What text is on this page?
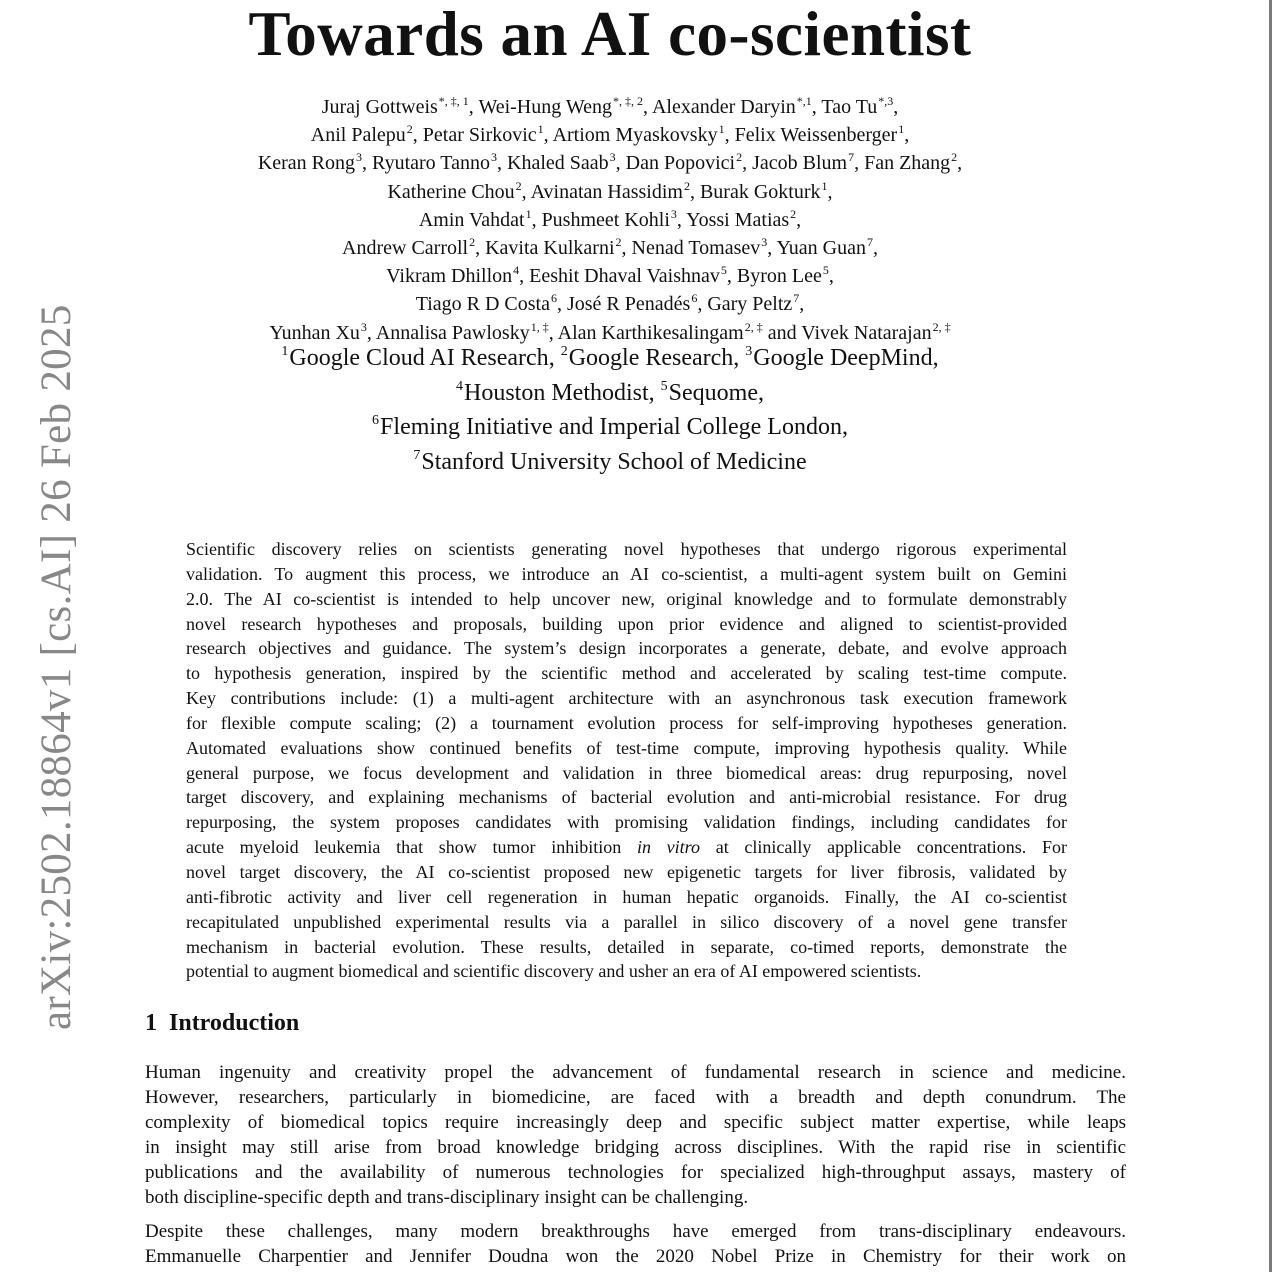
arXiv:2502.18864v1 [cs.AI] 26 Feb 2025
Towards an AI co-scientist
Juraj Gottweis$^{*, \ddagger, 1}$, Wei-Hung Weng$^{*, \ddagger, 2}$, Alexander Daryin$^{*,1}$, Tao $Tu^{*,3}$,
Anil Palepu$^2$, Petar Sirkovic$^1$, Artiom Myaskovsky$^1$, Felix Weissenberger$^1$,
Keran Rong$^3$, Ryutaro Tanno$^3$, Khaled Saab$^3$, Dan Popovici$^2$, Jacob Blum$^7$, Fan Zhang$^2$,
Katherine Chou$^2$, Avinatan Hassidim$^2$, Burak Gokturk$^1$,
Amin Vahdat$^1$, Pushmeet Kohli$^3$, Yossi Matias$^2$,
Andrew Carroll$^2$, Kavita Kulkarni$^2$, Nenad Tomasev$^3$, Yuan Guan$^7$,
Vikram Dhillon$^4$, Eeshit Dhaval Vaishnav$^5$, Byron Lee$^5$,
Tiago R D Costa$^6$, José R Penadés$^6$, Gary Peltz$^7$,
Yunhan Xu$^3$, Annalisa Pawlosky$^{1, \ddagger}$, Alan Karthikesalingam$^{2, \ddagger}$ and Vivek Natarajan$^{2, \ddagger}$
$^1$Google Cloud AI Research, $^2$Google Research, $^3$Google DeepMind,
$^4$Houston Methodist, $^5$Sequome,
$^6$Fleming Initiative and Imperial College London,
$^7$Stanford University School of Medicine
Scientific discovery relies on scientists generating novel hypotheses that undergo rigorous experimental
validation. To augment this process, we introduce an AI co-scientist, a multi-agent system built on Gemini
2.0. The AI co-scientist is intended to help uncover new, original knowledge and to formulate demonstrably
novel research hypotheses and proposals, building upon prior evidence and aligned to scientist-provided
research objectives and guidance. The system’s design incorporates a generate, debate, and evolve approach
to hypothesis generation, inspired by the scientific method and accelerated by scaling test-time compute.
Key contributions include: (1) a multi-agent architecture with an asynchronous task execution framework
for flexible compute scaling; (2) a tournament evolution process for self-improving hypotheses generation.
Automated evaluations show continued benefits of test-time compute, improving hypothesis quality. While
general purpose, we focus development and validation in three biomedical areas: drug repurposing, novel
target discovery, and explaining mechanisms of bacterial evolution and anti-microbial resistance. For drug
repurposing, the system proposes candidates with promising validation findings, including candidates for
acute myeloid leukemia that show tumor inhibition in vitro at clinically applicable concentrations. For
novel target discovery, the AI co-scientist proposed new epigenetic targets for liver fibrosis, validated by
anti-fibrotic activity and liver cell regeneration in human hepatic organoids. Finally, the AI co-scientist
recapitulated unpublished experimental results via a parallel in silico discovery of a novel gene transfer
mechanism in bacterial evolution. These results, detailed in separate, co-timed reports, demonstrate the
potential to augment biomedical and scientific discovery and usher an era of AI empowered scientists.
1 Introduction
Human ingenuity and creativity propel the advancement of fundamental research in science and medicine.
However, researchers, particularly in biomedicine, are faced with a breadth and depth conundrum. The
complexity of biomedical topics require increasingly deep and specific subject matter expertise, while leaps
in insight may still arise from broad knowledge bridging across disciplines. With the rapid rise in scientific
publications and the availability of numerous technologies for specialized high-throughput assays, mastery of
both discipline-specific depth and trans-disciplinary insight can be challenging.
Despite these challenges, many modern breakthroughs have emerged from trans-disciplinary endeavours.
Emmanuelle Charpentier and Jennifer Doudna won the 2020 Nobel Prize in Chemistry for their work on
